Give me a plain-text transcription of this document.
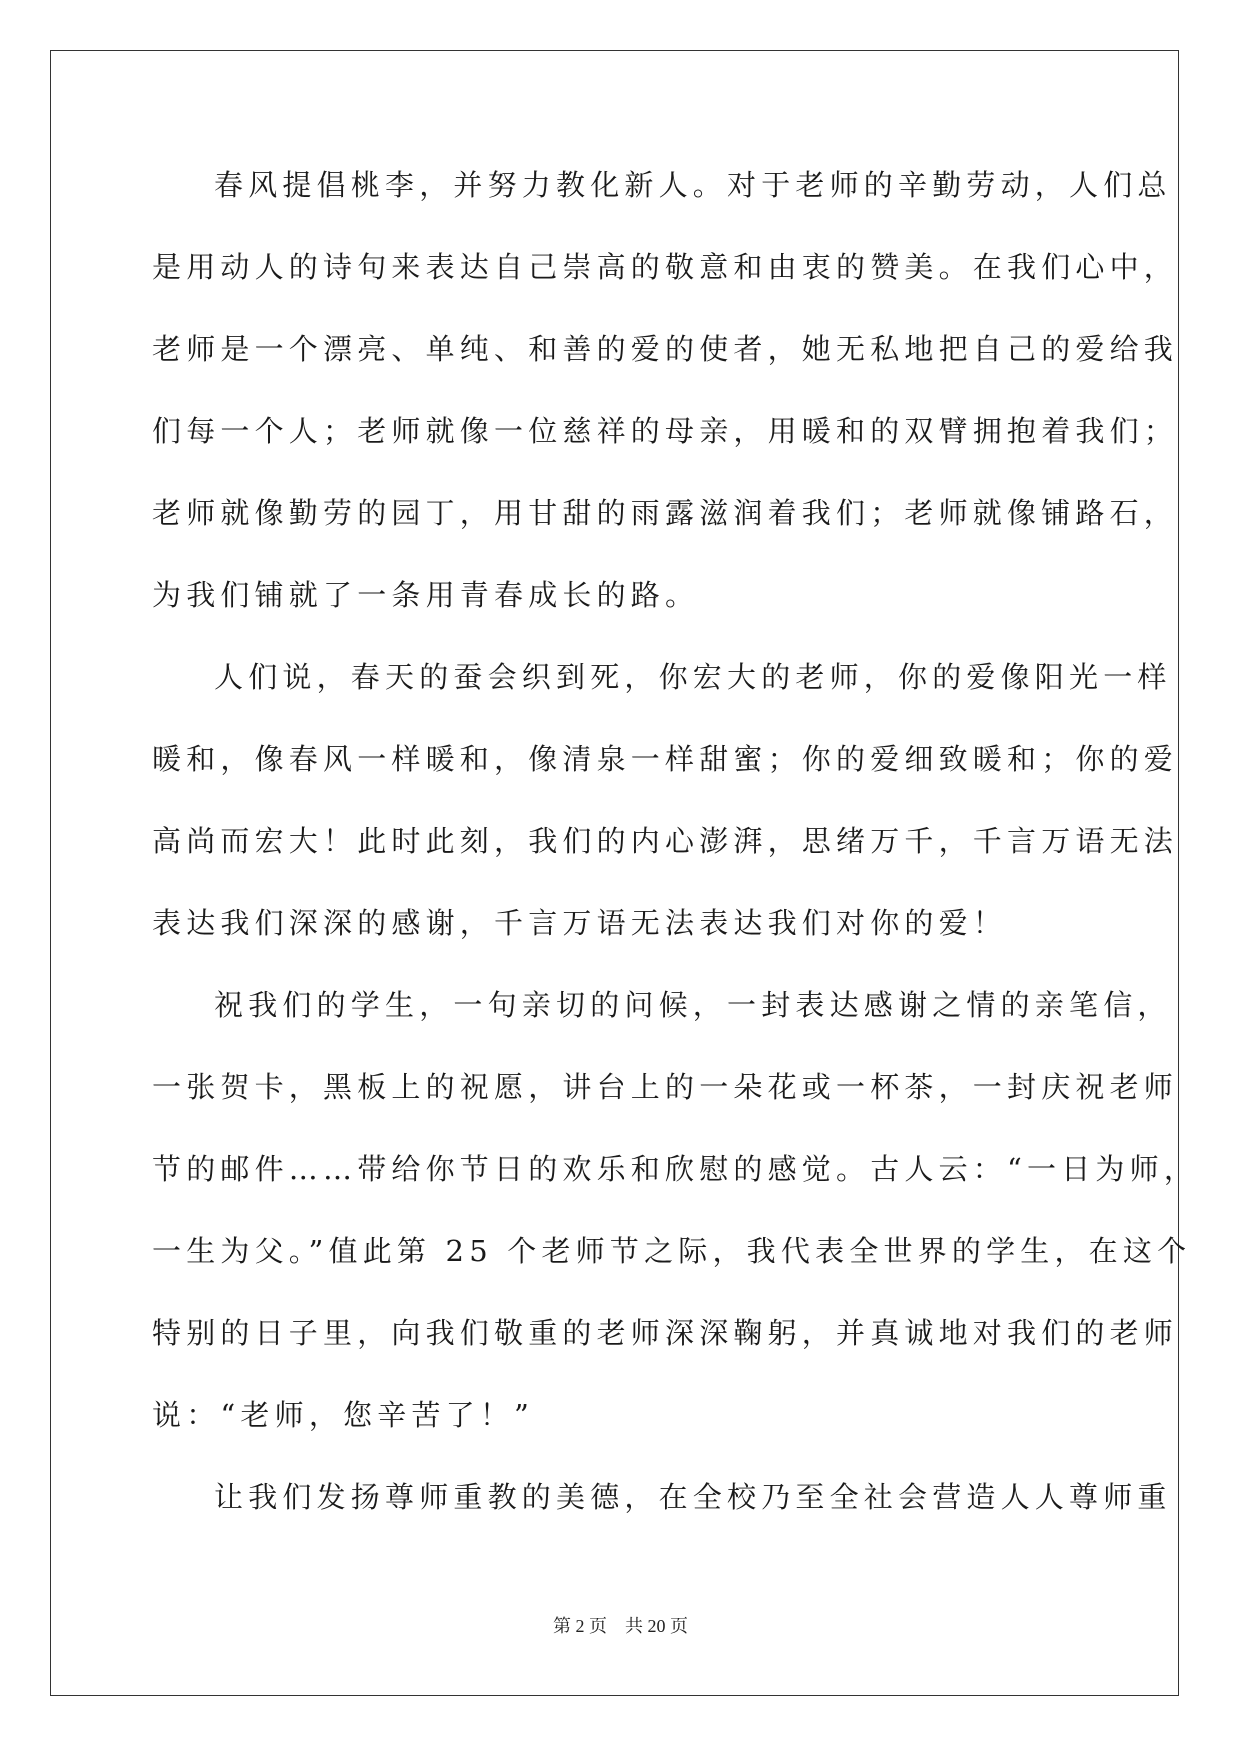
春风提倡桃李，并努力教化新人。对于老师的辛勤劳动，人们总
是用动人的诗句来表达自己崇高的敬意和由衷的赞美。在我们心中，
老师是一个漂亮、单纯、和善的爱的使者，她无私地把自己的爱给我
们每一个人；老师就像一位慈祥的母亲，用暖和的双臂拥抱着我们；
老师就像勤劳的园丁，用甘甜的雨露滋润着我们；老师就像铺路石，
为我们铺就了一条用青春成长的路。
人们说，春天的蚕会织到死，你宏大的老师，你的爱像阳光一样
暖和，像春风一样暖和，像清泉一样甜蜜；你的爱细致暖和；你的爱
高尚而宏大！此时此刻，我们的内心澎湃，思绪万千，千言万语无法
表达我们深深的感谢，千言万语无法表达我们对你的爱！
祝我们的学生，一句亲切的问候，一封表达感谢之情的亲笔信，
一张贺卡，黑板上的祝愿，讲台上的一朵花或一杯茶，一封庆祝老师
节的邮件……带给你节日的欢乐和欣慰的感觉。古人云：“一日为师，
一生为父。”值此第 25 个老师节之际，我代表全世界的学生，在这个
特别的日子里，向我们敬重的老师深深鞠躬，并真诚地对我们的老师
说：“老师，您辛苦了！”
让我们发扬尊师重教的美德，在全校乃至全社会营造人人尊师重
第 2 页    共 20 页
